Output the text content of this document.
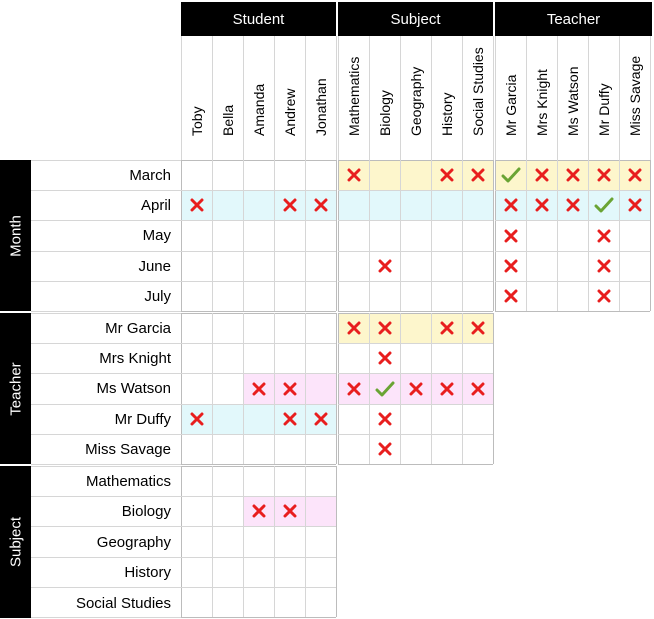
Student	Subject	Teacher
Month
Teacher
Subject
Toby Bella Amanda Andrew Jonathan Mathematics Biology Geography History Social Studies Mr Garcia Mrs Knight Ms Watson Mr Duffy Miss Savage
March
April
May
June
July
Mr Garcia
Mrs Knight
Ms Watson
Mr Duffy
Miss Savage
Mathematics
Biology
Geography
History
Social Studies
